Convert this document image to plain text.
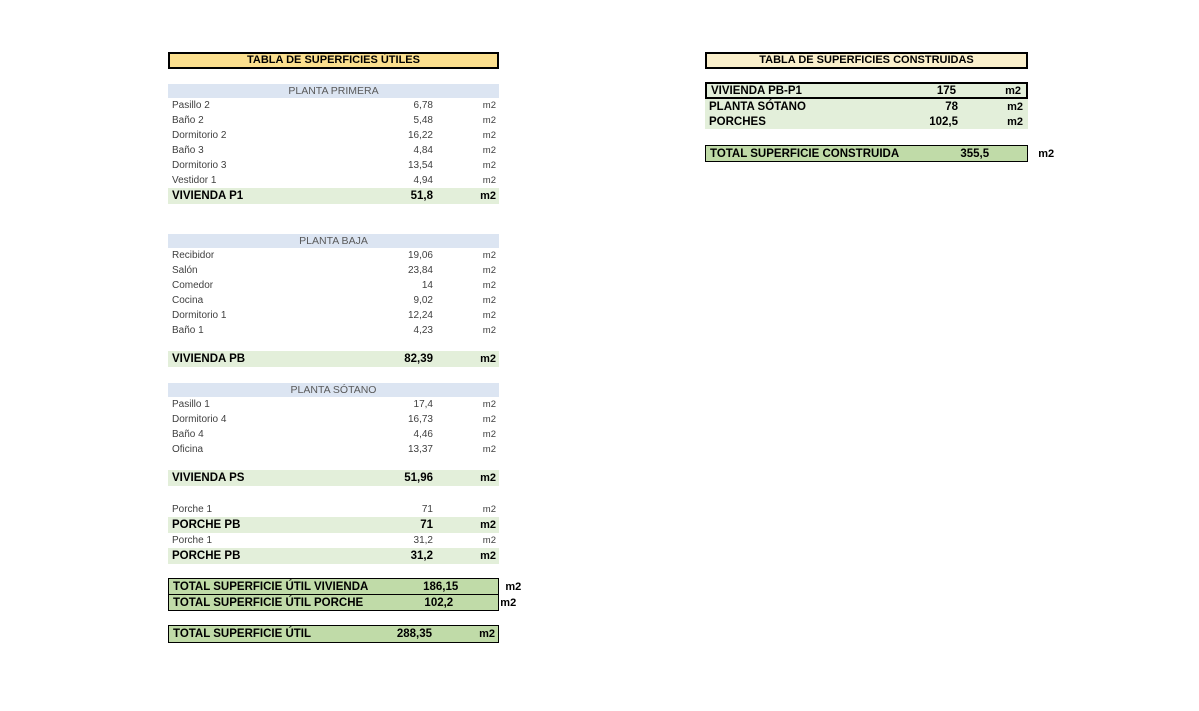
TABLA DE SUPERFICIES ÚTILES
PLANTA PRIMERA
Pasillo 2	6,78	m2
Baño 2	5,48	m2
Dormitorio 2	16,22	m2
Baño 3	4,84	m2
Dormitorio 3	13,54	m2
Vestidor 1	4,94	m2
VIVIENDA P1	51,8	m2
PLANTA BAJA
Recibidor	19,06	m2
Salón	23,84	m2
Comedor	14	m2
Cocina	9,02	m2
Dormitorio 1	12,24	m2
Baño 1	4,23	m2
VIVIENDA PB	82,39	m2
PLANTA SÓTANO
Pasillo 1	17,4	m2
Dormitorio 4	16,73	m2
Baño 4	4,46	m2
Oficina	13,37	m2
VIVIENDA PS	51,96	m2
Porche 1	71	m2
PORCHE PB	71	m2
Porche 1	31,2	m2
PORCHE PB	31,2	m2
TOTAL SUPERFICIE ÚTIL VIVIENDA	186,15	m2
TOTAL SUPERFICIE ÚTIL PORCHE	102,2	m2
TOTAL SUPERFICIE ÚTIL	288,35	m2
TABLA DE SUPERFICIES CONSTRUIDAS
VIVIENDA PB-P1	175	m2
PLANTA SÓTANO	78	m2
PORCHES	102,5	m2
TOTAL SUPERFICIE CONSTRUIDA	355,5	m2
